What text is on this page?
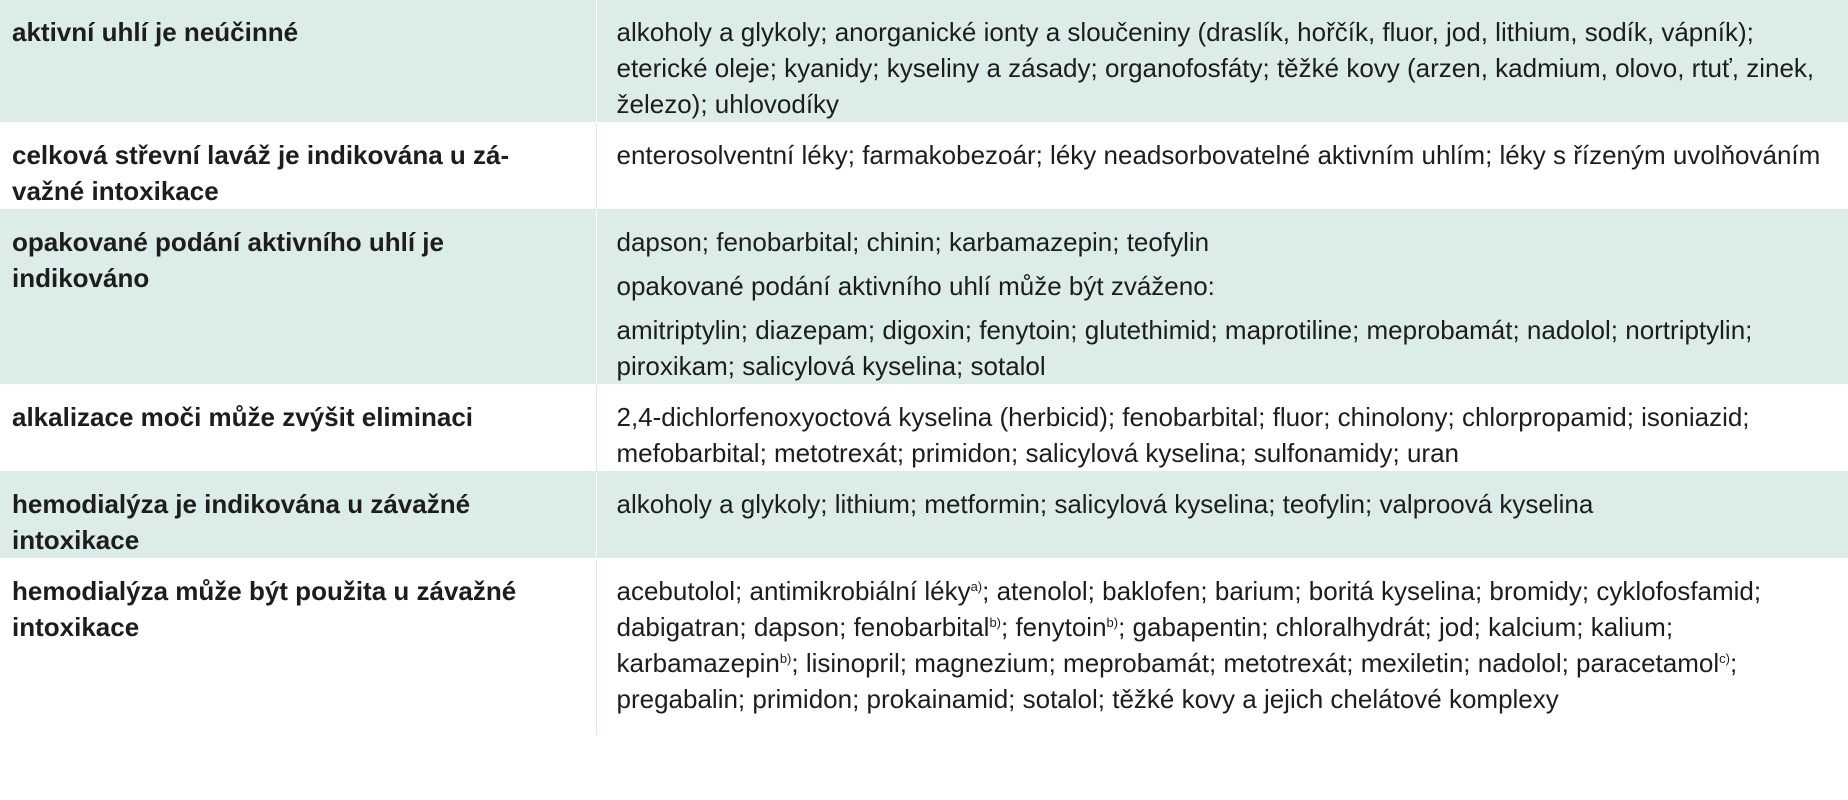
aktivní uhlí je neúčinné	alkoholy a glykoly; anorganické ionty a sloučeniny (draslík, hořčík, fluor, jod, lithium, sodík, vápník); eterické oleje; kyanidy; kyseliny a zásady; organofosfáty; těžké kovy (arzen, kadmium, olovo, rtuť, zinek, železo); uhlovodíky
celková střevní laváž je indikována u zá-
važné intoxikace	enterosolventní léky; farmakobezoár; léky neadsorbovatelné aktivním uhlím; léky s řízeným uvolňováním
opakované podání aktivního uhlí je indikováno	dapson; fenobarbital; chinin; karbamazepin; teofylin
opakované podání aktivního uhlí může být zváženo:
amitriptylin; diazepam; digoxin; fenytoin; glutethimid; maprotiline; meprobamát; nadolol; nortriptylin; piroxikam; salicylová kyselina; sotalol

alkalizace moči může zvýšit eliminaci	2,4-dichlorfenoxyoctová kyselina (herbicid); fenobarbital; fluor; chinolony; chlorpropamid; isoniazid; mefobarbital; metotrexát; primidon; salicylová kyselina; sulfonamidy; uran
hemodialýza je indikována u závažné intoxikace	alkoholy a glykoly; lithium; metformin; salicylová kyselina; teofylin; valproová kyselina
hemodialýza může být použita u závažné intoxikace	acebutolol; antimikrobiální léky$^{a)}$; atenolol; baklofen; barium; boritá kyselina; bromidy; cyklofosfamid; dabigatran; dapson; fenobarbital$^{b)}$; fenytoin$^{b)}$; gabapentin; chloralhydrát; jod; kalcium; kalium; karbamazepin$^{b)}$; lisinopril; magnezium; meprobamát; metotrexát; mexiletin; nadolol; paracetamol$^{c)}$; pregabalin; primidon; prokainamid; sotalol; těžké kovy a jejich chelátové komplexy
